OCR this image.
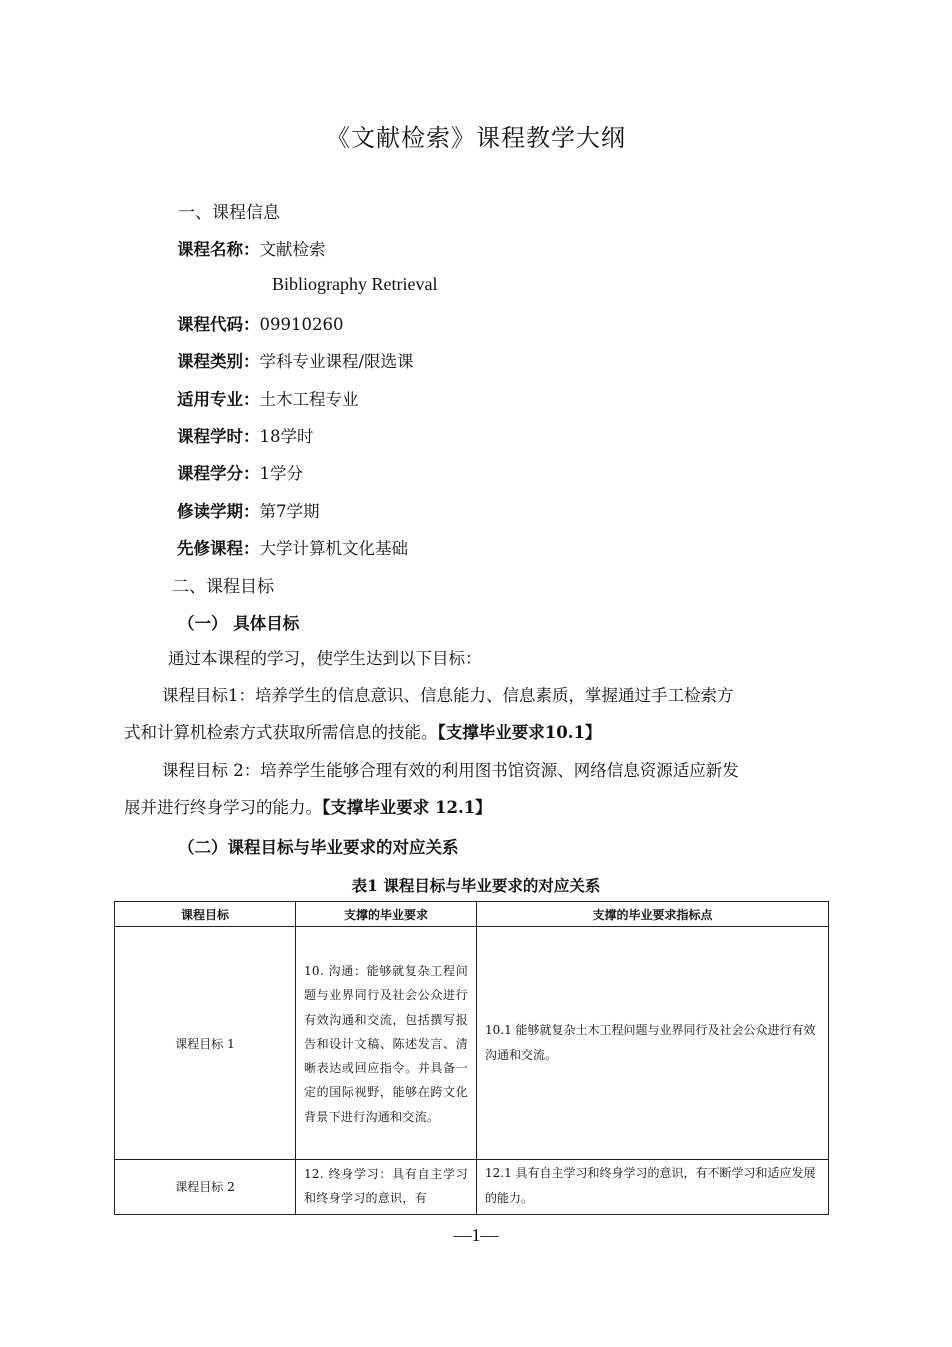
《文献检索》课程教学大纲
一、课程信息
课程名称：文献检索
Bibliography Retrieval
课程代码：09910260
课程类别：学科专业课程/限选课
适用专业：土木工程专业
课程学时：18学时
课程学分：1学分
修读学期：第7学期
先修课程：大学计算机文化基础
二、课程目标
（一） 具体目标
通过本课程的学习，使学生达到以下目标：
课程目标1：培养学生的信息意识、信息能力、信息素质，掌握通过手工检索方
式和计算机检索方式获取所需信息的技能。【支撑毕业要求10.1】
课程目标 2：培养学生能够合理有效的利用图书馆资源、网络信息资源适应新发
展并进行终身学习的能力。【支撑毕业要求 12.1】
（二）课程目标与毕业要求的对应关系
表1 课程目标与毕业要求的对应关系
课程目标	支撑的毕业要求	支撑的毕业要求指标点
课程目标 1	10. 沟通：能够就复杂工程问题与业界同行及社会公众进行有效沟通和交流，包括撰写报告和设计文稿、陈述发言、清晰表达或回应指令。并具备一定的国际视野，能够在跨文化背景下进行沟通和交流。	10.1 能够就复杂土木工程问题与业界同行及社会公众进行有效沟通和交流。
课程目标 2	12. 终身学习：具有自主学习和终身学习的意识，有	12.1 具有自主学习和终身学习的意识，有不断学习和适应发展的能力。
—1—
